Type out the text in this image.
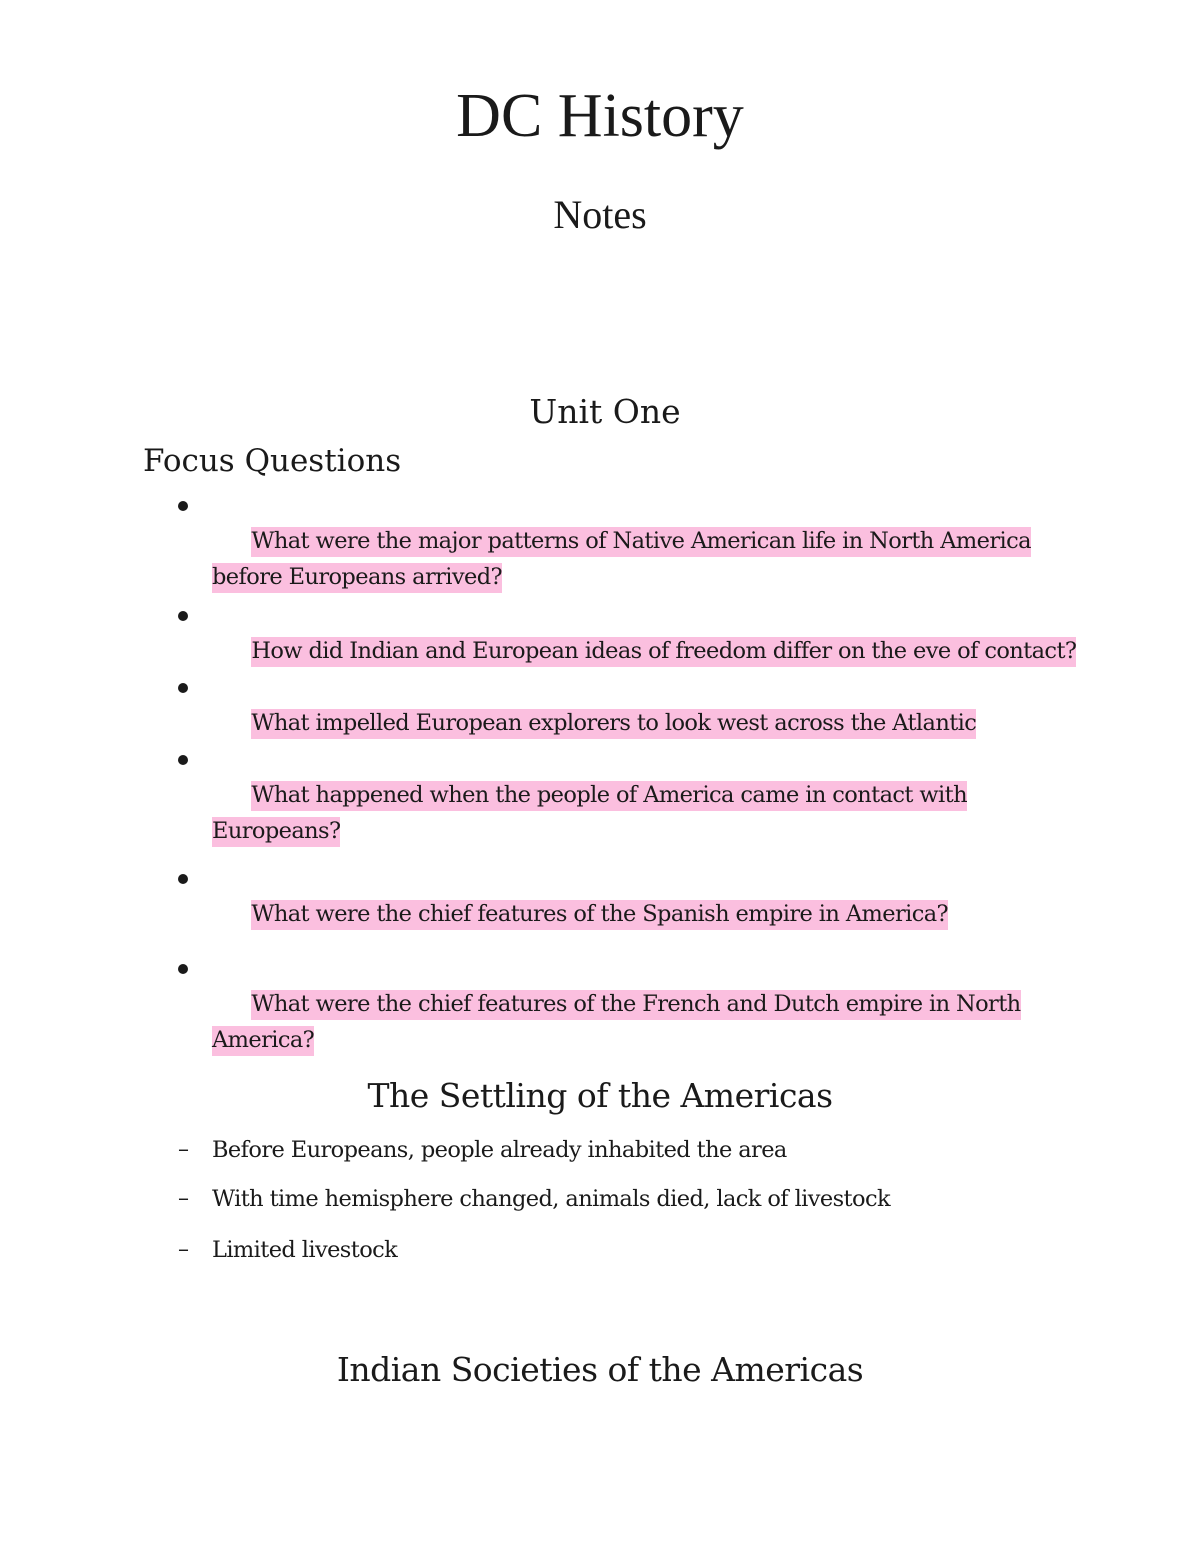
DC History
Notes
Unit One
Focus Questions

What were the major patterns of Native American life in North America
before Europeans arrived?

How did Indian and European ideas of freedom differ on the eve of contact?

What impelled European explorers to look west across the Atlantic

What happened when the people of America came in contact with
Europeans?

What were the chief features of the Spanish empire in America?

What were the chief features of the French and Dutch empire in North
America?

The Settling of the Americas
– Before Europeans, people already inhabited the area
– With time hemisphere changed, animals died, lack of livestock
– Limited livestock
Indian Societies of the Americas
